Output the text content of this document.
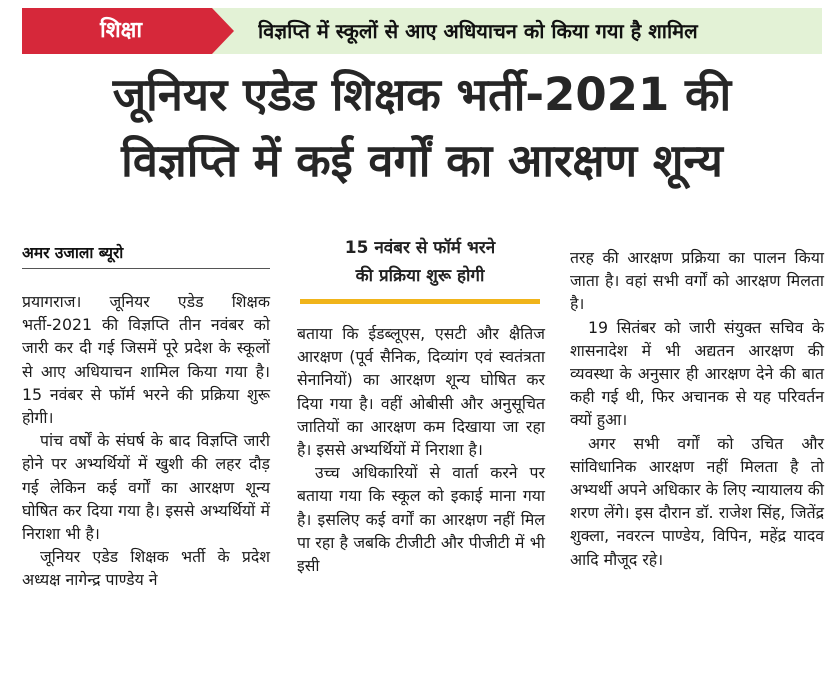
शिक्षा	विज्ञप्ति में स्कूलों से आए अधियाचन को किया गया है शामिल
जूनियर एडेड शिक्षक भर्ती-2021 की
विज्ञप्ति में कई वर्गों का आरक्षण शून्य
अमर उजाला ब्यूरो

प्रयागराज। जूनियर एडेड शिक्षक भर्ती-2021 की विज्ञप्ति तीन नवंबर को जारी कर दी गई जिसमें पूरे प्रदेश के स्कूलों से आए अधियाचन शामिल किया गया है। 15 नवंबर से फॉर्म भरने की प्रक्रिया शुरू होगी।

पांच वर्षों के संघर्ष के बाद विज्ञप्ति जारी होने पर अभ्यर्थियों में खुशी की लहर दौड़ गई लेकिन कई वर्गों का आरक्षण शून्य घोषित कर दिया गया है। इससे अभ्यर्थियों में निराशा भी है।

जूनियर एडेड शिक्षक भर्ती के प्रदेश अध्यक्ष नागेन्द्र पाण्डेय ने

15 नवंबर से फॉर्म भरने
की प्रक्रिया शुरू होगी

बताया कि ईडब्लूएस, एसटी और क्षैतिज आरक्षण (पूर्व सैनिक, दिव्यांग एवं स्वतंत्रता सेनानियों) का आरक्षण शून्य घोषित कर दिया गया है। वहीं ओबीसी और अनुसूचित जातियों का आरक्षण कम दिखाया जा रहा है। इससे अभ्यर्थियों में निराशा है।

उच्च अधिकारियों से वार्ता करने पर बताया गया कि स्कूल को इकाई माना गया है। इसलिए कई वर्गों का आरक्षण नहीं मिल पा रहा है जबकि टीजीटी और पीजीटी में भी इसी

तरह की आरक्षण प्रक्रिया का पालन किया जाता है। वहां सभी वर्गों को आरक्षण मिलता है।

19 सितंबर को जारी संयुक्त सचिव के शासनादेश में भी अद्यतन आरक्षण की व्यवस्था के अनुसार ही आरक्षण देने की बात कही गई थी, फिर अचानक से यह परिवर्तन क्यों हुआ।

अगर सभी वर्गों को उचित और सांविधानिक आरक्षण नहीं मिलता है तो अभ्यर्थी अपने अधिकार के लिए न्यायालय की शरण लेंगे। इस दौरान डॉ. राजेश सिंह, जितेंद्र शुक्ला, नवरत्न पाण्डेय, विपिन, महेंद्र यादव आदि मौजूद रहे।
